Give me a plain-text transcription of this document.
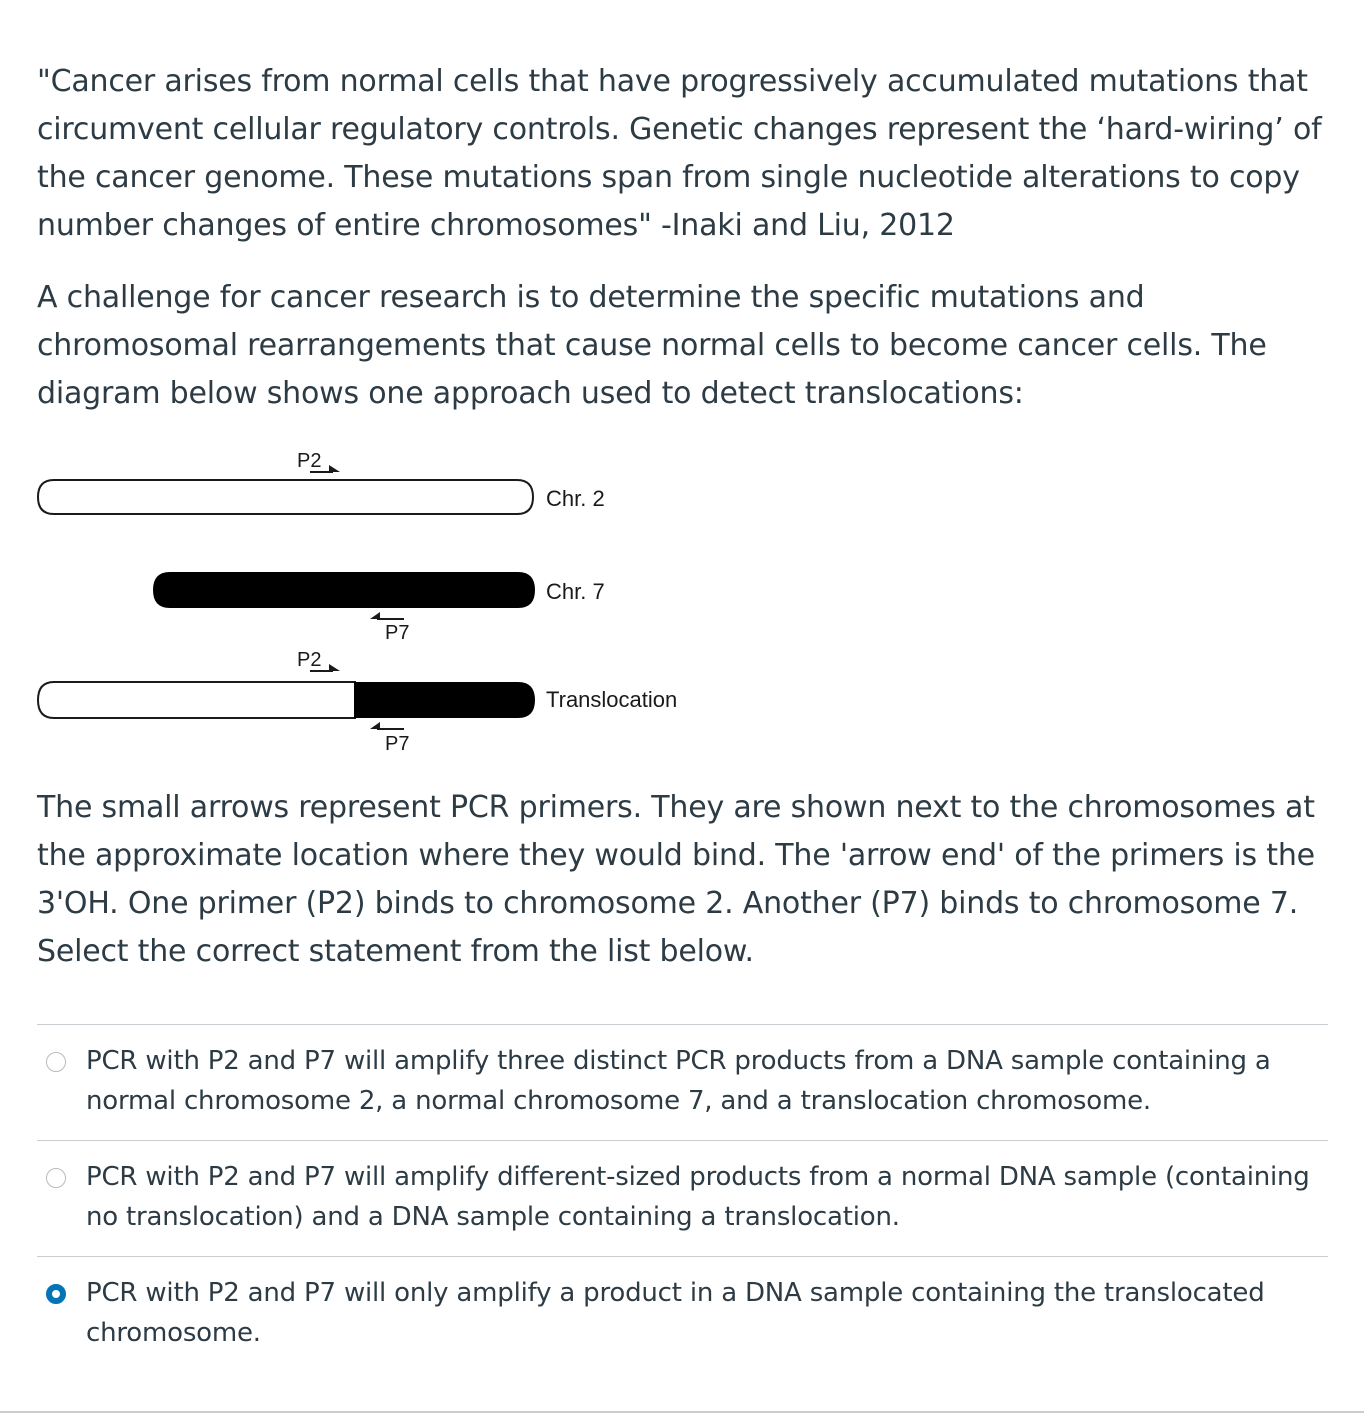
"Cancer arises from normal cells that have progressively accumulated mutations that circumvent cellular regulatory controls. Genetic changes represent the ‘hard-wiring’ of the cancer genome. These mutations span from single nucleotide alterations to copy number changes of entire chromosomes" -Inaki and Liu, 2012

A challenge for cancer research is to determine the specific mutations and chromosomal rearrangements that cause normal cells to become cancer cells. The diagram below shows one approach used to detect translocations:

Chr. 2
P2
Chr. 7
P7
P2
Translocation
P7

The small arrows represent PCR primers. They are shown next to the chromosomes at the approximate location where they would bind. The 'arrow end' of the primers is the 3'OH. One primer (P2) binds to chromosome 2. Another (P7) binds to chromosome 7. Select the correct statement from the list below.

PCR with P2 and P7 will amplify three distinct PCR products from a DNA sample containing a normal chromosome 2, a normal chromosome 7, and a translocation chromosome.

PCR with P2 and P7 will amplify different-sized products from a normal DNA sample (containing no translocation) and a DNA sample containing a translocation.

PCR with P2 and P7 will only amplify a product in a DNA sample containing the translocated chromosome.
